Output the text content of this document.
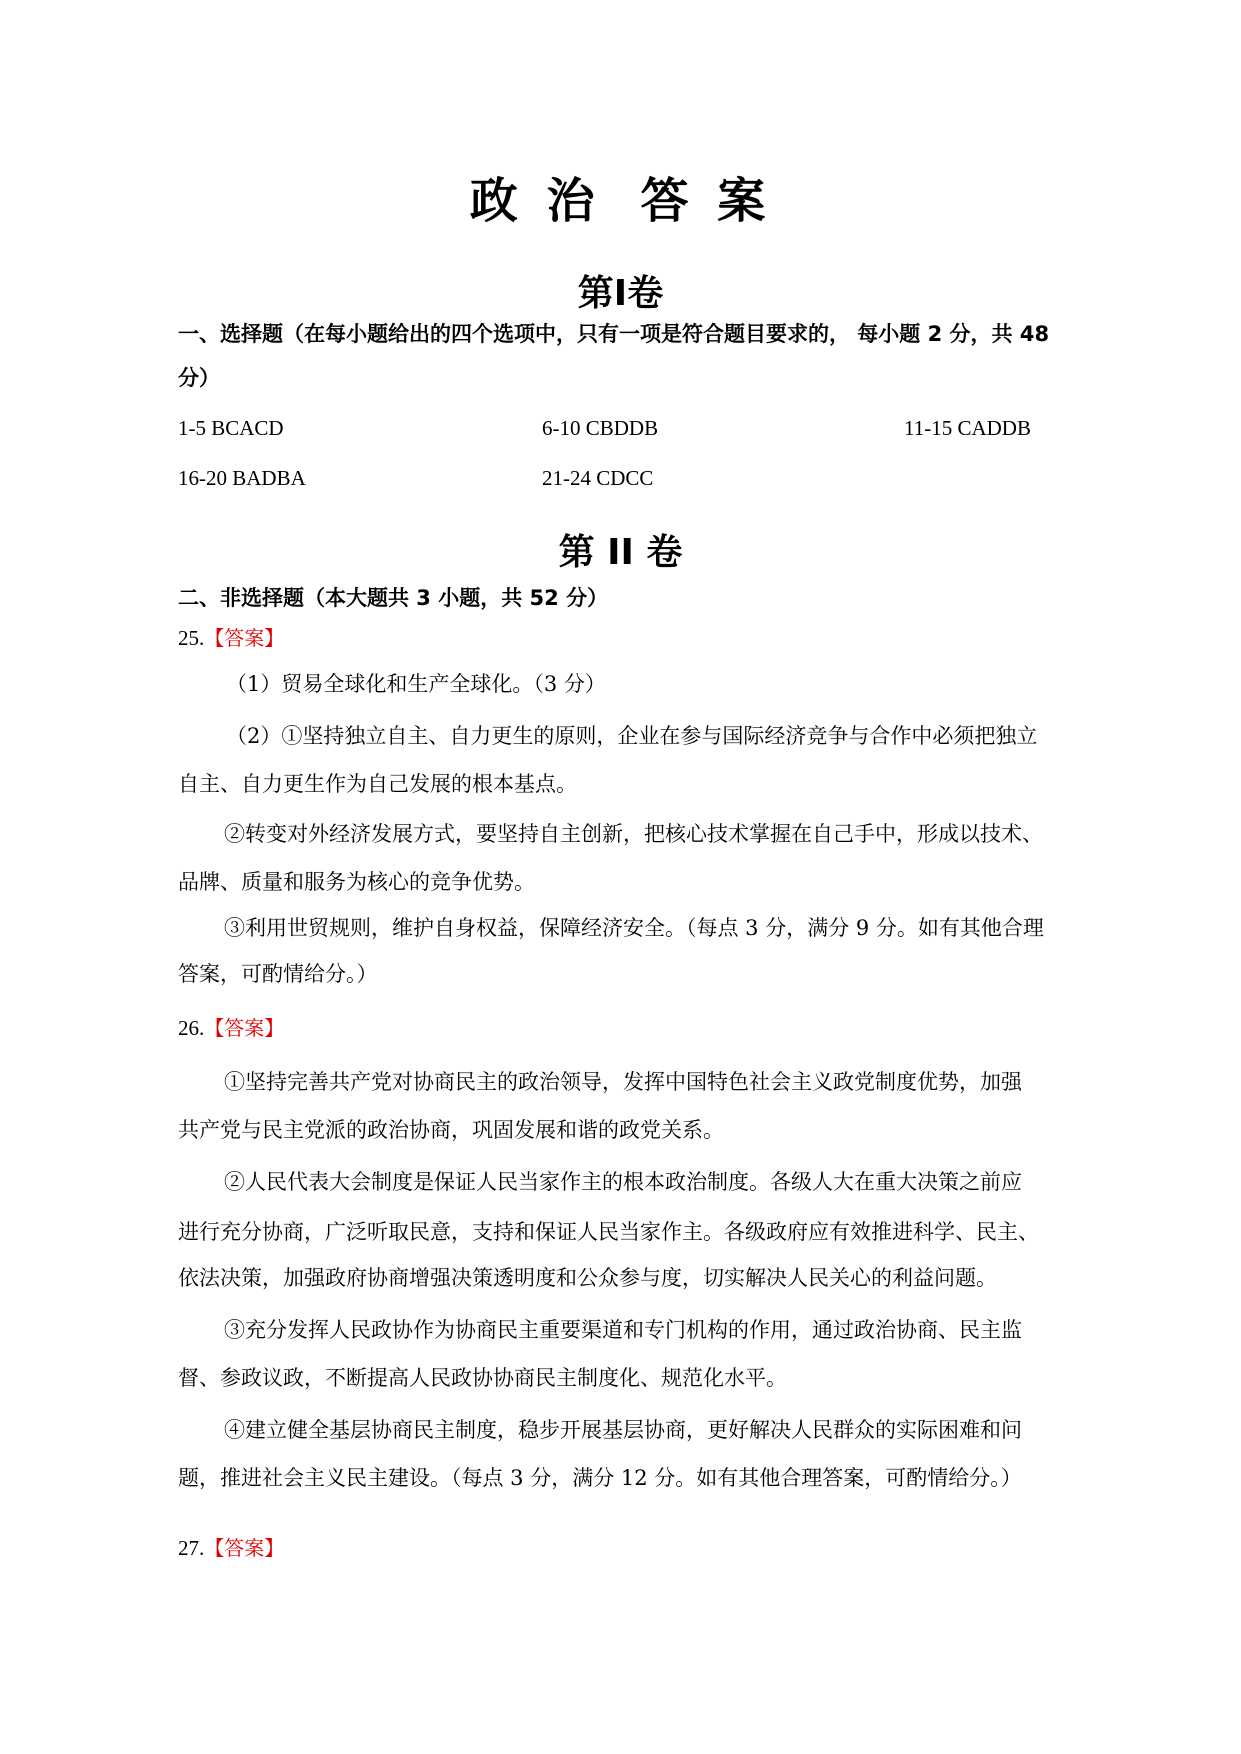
政 治 答 案
第Ⅰ卷
一、选择题（在每小题给出的四个选项中，只有一项是符合题目要求的， 每小题 2 分，共 48
分）
1-5 BCACD	6-10 CBDDB	11-15 CADDB
16-20 BADBA	21-24 CDCC
第 II 卷
二、非选择题（本大题共 3 小题，共 52 分）
25.【答案】
（1）贸易全球化和生产全球化。（3 分）
（2）①坚持独立自主、自力更生的原则，企业在参与国际经济竞争与合作中必须把独立
自主、自力更生作为自己发展的根本基点。
②转变对外经济发展方式，要坚持自主创新，把核心技术掌握在自己手中，形成以技术、
品牌、质量和服务为核心的竞争优势。
③利用世贸规则，维护自身权益，保障经济安全。（每点 3 分，满分 9 分。如有其他合理
答案，可酌情给分。）
26.【答案】
①坚持完善共产党对协商民主的政治领导，发挥中国特色社会主义政党制度优势，加强
共产党与民主党派的政治协商，巩固发展和谐的政党关系。
②人民代表大会制度是保证人民当家作主的根本政治制度。各级人大在重大决策之前应
进行充分协商，广泛听取民意，支持和保证人民当家作主。各级政府应有效推进科学、民主、
依法决策，加强政府协商增强决策透明度和公众参与度，切实解决人民关心的利益问题。
③充分发挥人民政协作为协商民主重要渠道和专门机构的作用，通过政治协商、民主监
督、参政议政，不断提高人民政协协商民主制度化、规范化水平。
④建立健全基层协商民主制度，稳步开展基层协商，更好解决人民群众的实际困难和问
题，推进社会主义民主建设。（每点 3 分，满分 12 分。如有其他合理答案，可酌情给分。）
27.【答案】
